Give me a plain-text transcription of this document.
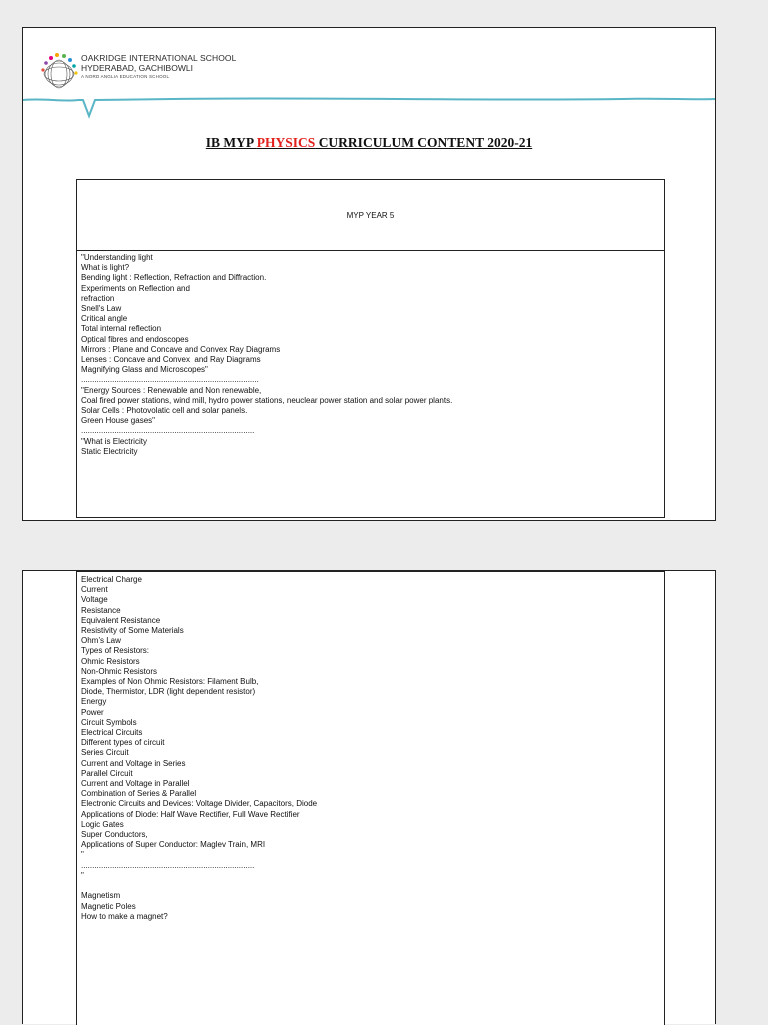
OAKRIDGE INTERNATIONAL SCHOOL
HYDERABAD, GACHIBOWLI
A NORD ANGLIA EDUCATION SCHOOL
IB MYP PHYSICS CURRICULUM CONTENT 2020-21
MYP YEAR 5
"Understanding light
What is light?
Bending light : Reflection, Refraction and Diffraction.
Experiments on Reflection and
refraction
Snell's Law
Critical angle
Total internal reflection
Optical fibres and endoscopes
Mirrors : Plane and Concave and Convex Ray Diagrams
Lenses : Concave and Convex  and Ray Diagrams
Magnifying Glass and Microscopes"
................................................................................
"Energy Sources : Renewable and Non renewable,
Coal fired power stations, wind mill, hydro power stations, neuclear power station and solar power plants.
Solar Cells : Photovolatic cell and solar panels.
Green House gases"
..............................................................................
"What is Electricity
Static Electricity
Electrical Charge
Current
Voltage
Resistance
Equivalent Resistance
Resistivity of Some Materials
Ohm’s Law
Types of Resistors:
Ohmic Resistors
Non-Ohmic Resistors
Examples of Non Ohmic Resistors: Filament Bulb,
Diode, Thermistor, LDR (light dependent resistor)
Energy
Power
Circuit Symbols
Electrical Circuits
Different types of circuit
Series Circuit
Current and Voltage in Series
Parallel Circuit
Current and Voltage in Parallel
Combination of Series & Parallel
Electronic Circuits and Devices: Voltage Divider, Capacitors, Diode
Applications of Diode: Half Wave Rectifier, Full Wave Rectifier
Logic Gates
Super Conductors,
Applications of Super Conductor: Maglev Train, MRI
"
..............................................................................
"

Magnetism
Magnetic Poles
How to make a magnet?
